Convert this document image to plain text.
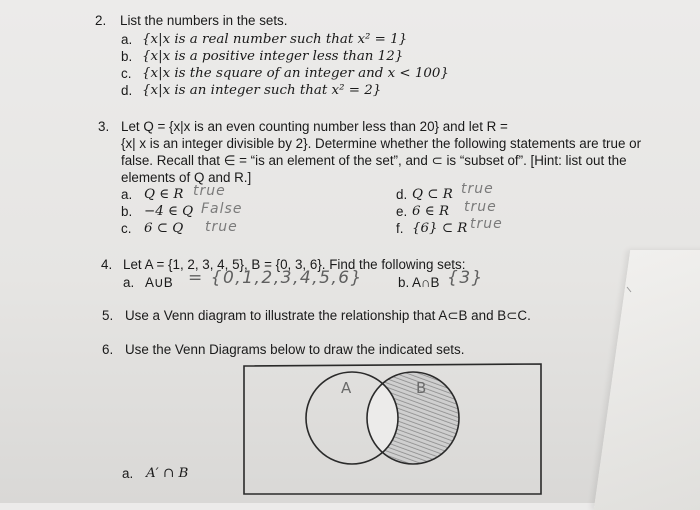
2. List the numbers in the sets.
a. {x|x is a real number such that x² = 1}
b. {x|x is a positive integer less than 12}
c. {x|x is the square of an integer and x < 100}
d. {x|x is an integer such that x² = 2}
3. Let Q = {x|x is an even counting number less than 20} and let R =
{x| x is an integer divisible by 2}. Determine whether the following statements are true or
false. Recall that ∈ = “is an element of the set”, and ⊂ is “subset of”. [Hint: list out the
elements of Q and R.]
a. Q ∈ R true
b. −4 ∈ Q False
c. 6 ⊂ Q true
d. Q ⊂ R true
e. 6 ∈ R true
f. {6} ⊂ R true
4. Let A = {1, 2, 3, 4, 5}, B = {0, 3, 6}. Find the following sets:
a. A∪B = {0,1,2,3,4,5,6}	b. A∩B {3}
5. Use a Venn diagram to illustrate the relationship that A⊂B and B⊂C.
6. Use the Venn Diagrams below to draw the indicated sets.
A	B
a. A′ ∩ B
